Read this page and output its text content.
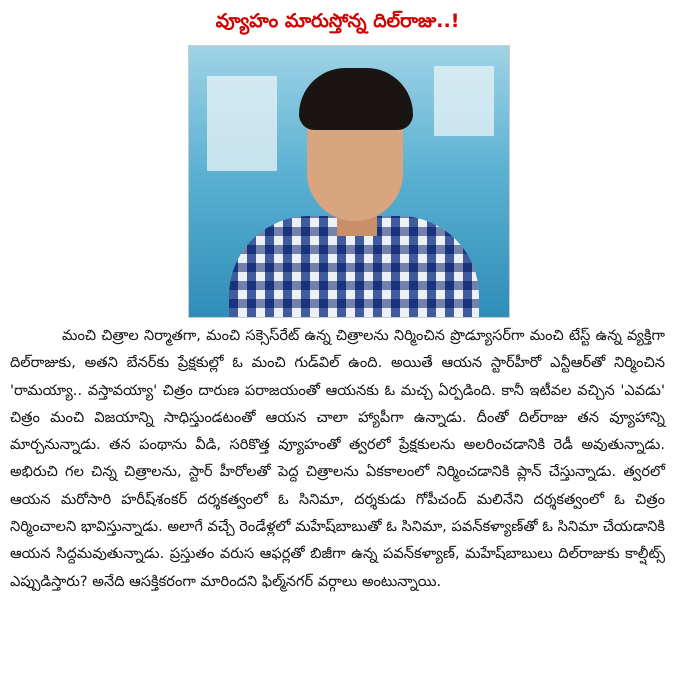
వ్యూహం మారుస్తోన్న దిల్‌రాజు..!

మంచి చిత్రాల నిర్మాతగా, మంచి సక్సెస్‌రేట్ ఉన్న చిత్రాలను నిర్మించిన ప్రొడ్యూసర్‌గా మంచి టేస్ట్ ఉన్న వ్యక్తిగా దిల్‌రాజుకు, అతని బేనర్‌కు ప్రేక్షకుల్లో ఓ మంచి గుడ్‌విల్ ఉంది. అయితే ఆయన స్టార్‌హీరో ఎన్టీఆర్‌తో నిర్మించిన 'రామయ్యా.. వస్తావయ్యా' చిత్రం దారుణ పరాజయంతో ఆయనకు ఓ మచ్చ ఏర్పడింది. కానీ ఇటీవల వచ్చిన 'ఎవడు' చిత్రం మంచి విజయాన్ని సాధిస్తుండటంతో ఆయన చాలా హ్యాపీగా ఉన్నాడు. దీంతో దిల్‌రాజు తన వ్యూహాన్ని మార్చనున్నాడు. తన పంథాను వీడి, సరికొత్త వ్యూహంతో త్వరలో ప్రేక్షకులను అలరించడానికి రెడీ అవుతున్నాడు. అభిరుచి గల చిన్న చిత్రాలను, స్టార్ హీరోలతో పెద్ద చిత్రాలను ఏకకాలంలో నిర్మించడానికి ప్లాన్ చేస్తున్నాడు. త్వరలో ఆయన మరోసారి హరీష్‌శంకర్ దర్శకత్వంలో ఓ సినిమా, దర్శకుడు గోపీచంద్ మలినేని దర్శకత్వంలో ఓ చిత్రం నిర్మించాలని భావిస్తున్నాడు. అలాగే వచ్చే రెండేళ్లలో మహేష్‌బాబుతో ఓ సినిమా, పవన్‌కళ్యాణ్‌తో ఓ సినిమా చేయడానికి ఆయన సిద్దమవుతున్నాడు. ప్రస్తుతం వరుస ఆఫర్లతో బిజీగా ఉన్న పవన్‌కళ్యాణ్, మహేష్‌బాబులు దిల్‌రాజుకు కాల్షీట్స్ ఎప్పుడిస్తారు? అనేది ఆసక్తికరంగా మారిందని ఫిల్మ్‌నగర్ వర్గాలు అంటున్నాయి.
